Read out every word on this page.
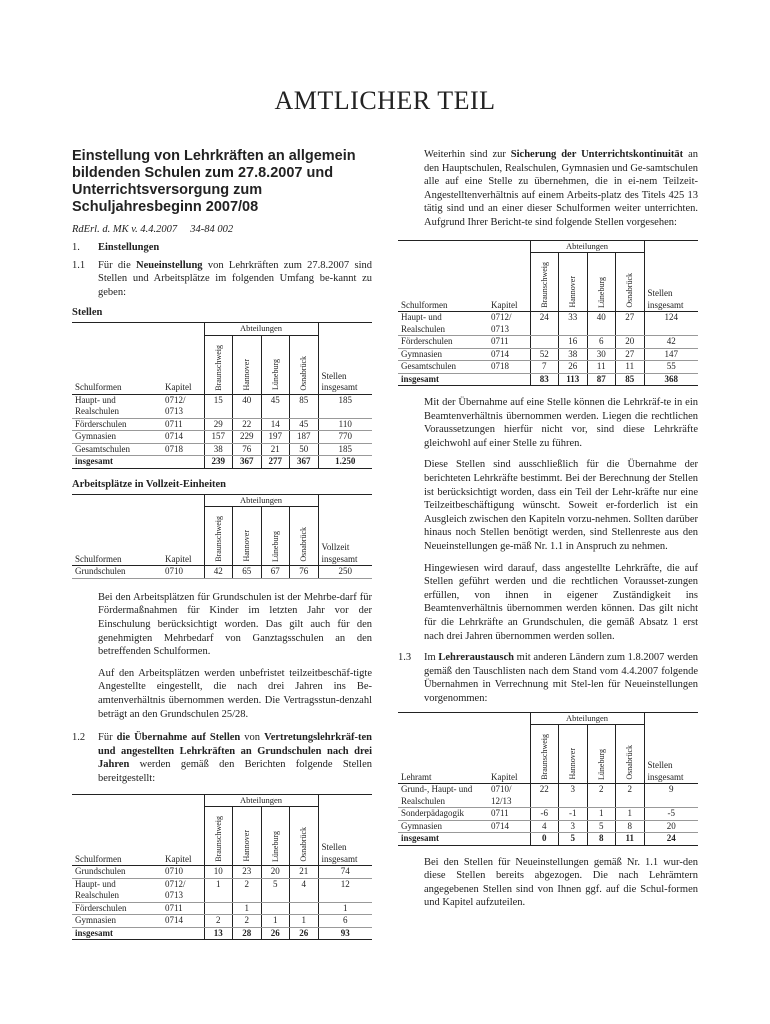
AMTLICHER TEIL
Einstellung von Lehrkräften an allgemein bildenden Schulen zum 27.8.2007 und Unterrichtsversorgung zum Schuljahresbeginn 2007/08
RdErl. d. MK v. 4.4.2007 34-84 002
1.	Einstellungen
1.1	Für die Neueinstellung von Lehrkräften zum 27.8.2007 sind Stellen und Arbeitsplätze im folgenden Umfang be-kannt zu geben:
Stellen
		Abteilungen				
Schulformen	Kapitel	Braunschweig	Hannover	Lüneburg	Osnabrück	Stellen
insgesamt
Haupt- und Realschulen	0712/ 0713	15	40	45	85	185
Förderschulen	0711	29	22	14	45	110
Gymnasien	0714	157	229	197	187	770
Gesamtschulen	0718	38	76	21	50	185
insgesamt		239	367	277	367	1.250
Arbeitsplätze in Vollzeit-Einheiten
		Abteilungen				
Schulformen	Kapitel	Braunschweig	Hannover	Lüneburg	Osnabrück	Vollzeit
insgesamt
Grundschulen	0710	42	65	67	76	250

Bei den Arbeitsplätzen für Grundschulen ist der Mehrbe-darf für Fördermaßnahmen für Kinder im letzten Jahr vor der Einschulung berücksichtigt worden. Das gilt auch für den genehmigten Mehrbedarf von Ganztagsschulen an den betreffenden Schulformen.

Auf den Arbeitsplätzen werden unbefristet teilzeitbeschäf-tigte Angestellte eingestellt, die nach drei Jahren ins Be-amtenverhältnis übernommen werden. Die Vertragsstun-denzahl beträgt an den Grundschulen 25/28.

1.2	Für die Übernahme auf Stellen von Vertretungslehrkräf-ten und angestellten Lehrkräften an Grundschulen nach drei Jahren werden gemäß den Berichten folgende Stellen bereitgestellt:
		Abteilungen				
Schulformen	Kapitel	Braunschweig	Hannover	Lüneburg	Osnabrück	Stellen
insgesamt
Grundschulen	0710	10	23	20	21	74
Haupt- und Realschulen	0712/ 0713	1	2	5	4	12
Förderschulen	0711		1			1
Gymnasien	0714	2	2	1	1	6
insgesamt		13	28	26	26	93

Weiterhin sind zur Sicherung der Unterrichtskontinuität an den Hauptschulen, Realschulen, Gymnasien und Ge-samtschulen alle auf eine Stelle zu übernehmen, die in ei-nem Teilzeit-Angestelltenverhältnis auf einem Arbeits-platz des Titels 425 13 tätig sind und an einer dieser Schulformen weiter unterrichten. Aufgrund Ihrer Bericht-te sind folgende Stellen vorgesehen:

		Abteilungen				
Schulformen	Kapitel	Braunschweig	Hannover	Lüneburg	Osnabrück	Stellen
insgesamt
Haupt- und Realschulen	0712/ 0713	24	33	40	27	124
Förderschulen	0711		16	6	20	42
Gymnasien	0714	52	38	30	27	147
Gesamtschulen	0718	7	26	11	11	55
insgesamt		83	113	87	85	368

Mit der Übernahme auf eine Stelle können die Lehrkräf-te in ein Beamtenverhältnis übernommen werden. Liegen die rechtlichen Voraussetzungen hierfür nicht vor, sind diese Lehrkräfte gleichwohl auf einer Stelle zu führen.

Diese Stellen sind ausschließlich für die Übernahme der berichteten Lehrkräfte bestimmt. Bei der Berechnung der Stellen ist berücksichtigt worden, dass ein Teil der Lehr-kräfte nur eine Teilzeitbeschäftigung wünscht. Soweit er-forderlich ist ein Ausgleich zwischen den Kapiteln vorzu-nehmen. Sollten darüber hinaus noch Stellen benötigt werden, sind Stellenreste aus den Neueinstellungen ge-mäß Nr. 1.1 in Anspruch zu nehmen.

Hingewiesen wird darauf, dass angestellte Lehrkräfte, die auf Stellen geführt werden und die rechtlichen Vorausset-zungen erfüllen, von ihnen in eigener Zuständigkeit ins Beamtenverhältnis übernommen werden können. Das gilt nicht für die Lehrkräfte an Grundschulen, die gemäß Absatz 1 erst nach drei Jahren übernommen werden sollen.

1.3	Im Lehreraustausch mit anderen Ländern zum 1.8.2007 werden gemäß den Tauschlisten nach dem Stand vom 4.4.2007 folgende Übernahmen in Verrechnung mit Stel-len für Neueinstellungen vorgenommen:
		Abteilungen				
Lehramt	Kapitel	Braunschweig	Hannover	Lüneburg	Osnabrück	Stellen
insgesamt
Grund-, Haupt- und Realschulen	0710/ 12/13	22	3	2	2	9
Sonderpädagogik	0711	-6	-1	1	1	-5
Gymnasien	0714	4	3	5	8	20
insgesamt		0	5	8	11	24

Bei den Stellen für Neueinstellungen gemäß Nr. 1.1 wur-den diese Stellen bereits abgezogen. Die nach Lehrämtern angegebenen Stellen sind von Ihnen ggf. auf die Schul-formen und Kapitel aufzuteilen.
